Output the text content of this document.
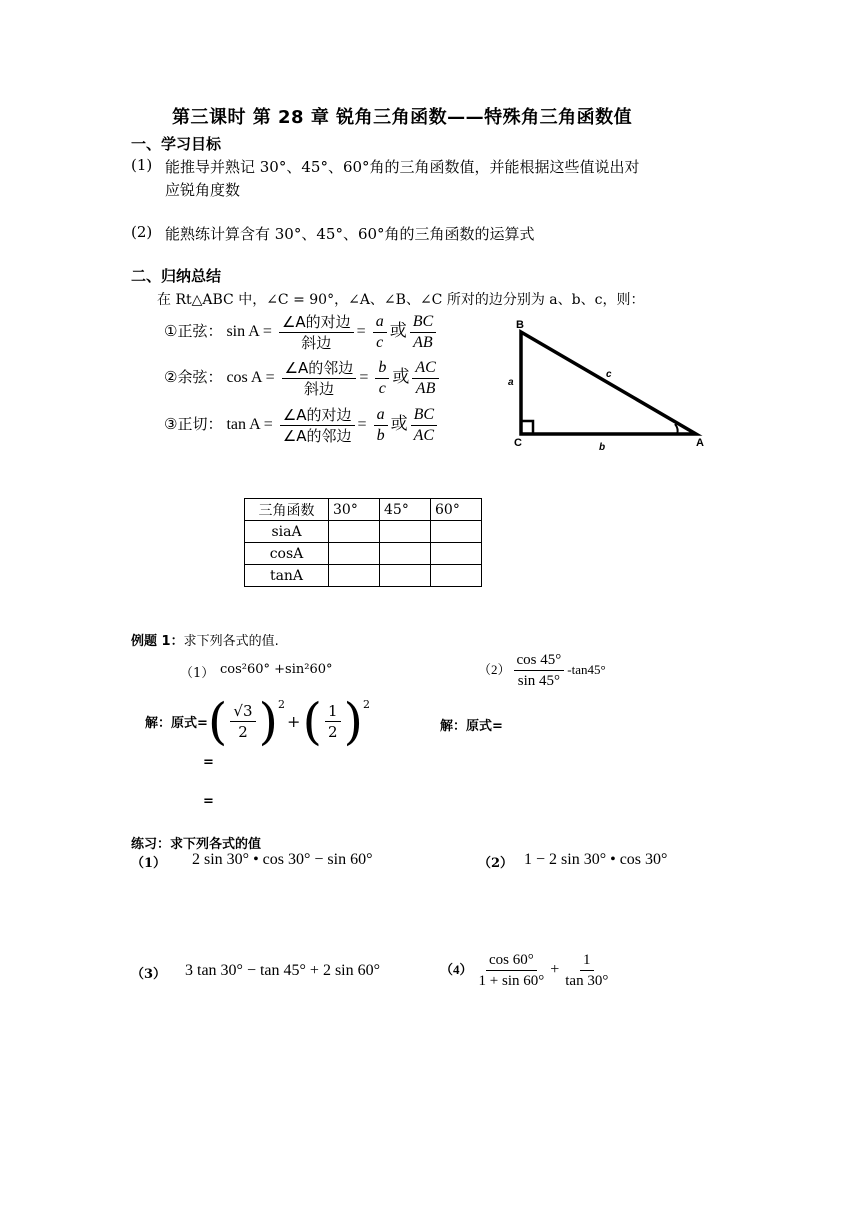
第三课时 第 28 章 锐角三角函数——特殊角三角函数值
一、学习目标
(1) 能推导并熟记 30°、45°、60°角的三角函数值，并能根据这些值说出对
应锐角度数
(2) 能熟练计算含有 30°、45°、60°角的三角函数的运算式
二、归纳总结
在 Rt△ABC 中，∠C = 90°，∠A、∠B、∠C 所对的边分别为 a、b、c，则：
①正弦： $\sin A = \frac{\text{∠A的对边}}{\text{斜边}} = \frac{a}{c}$ 或 $\frac{BC}{AB}$
②余弦： $\cos A = \frac{\text{∠A的邻边}}{\text{斜边}} = \frac{b}{c}$ 或 $\frac{AC}{AB}$
③正切： $\tan A = \frac{\text{∠A的对边}}{\text{∠A的邻边}} = \frac{a}{b}$ 或 $\frac{BC}{AC}$
B
C	A
a
b
c
三角函数	30°	45°	60°
siaA			
cosA			
tanA			
例题 1：求下列各式的值.
（1） cos²60° +sin²60°	$(2) \frac{\cos 45^\circ}{\sin 45^\circ} -\tan 45^\circ$
解：原式=( $\frac{√3}{2} )^2+( \frac{1}{2} )^2$
=
=
解：原式=
练习：求下列各式的值
（1） 2 sin 30° • cos 30° − sin 60°	（2） 1 − 2 sin 30° • cos 30°
（3） 3 tan 30° − tan 45° + 2 sin 60°	$(4) \frac{\cos 60^\circ}{1 + \sin 60^\circ} + \frac{1}{\tan 30^\circ}$
